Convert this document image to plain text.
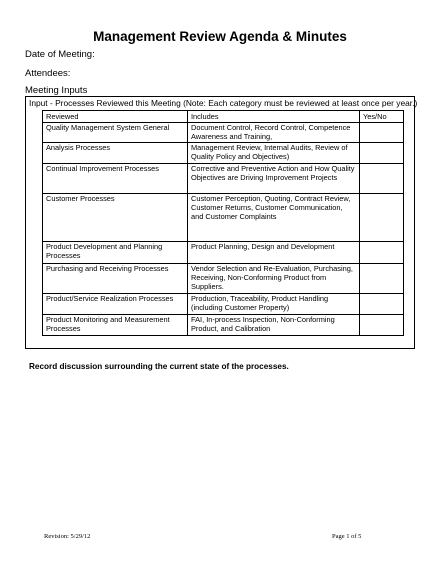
Management Review Agenda & Minutes
Date of Meeting:
Attendees:
Meeting Inputs
Input - Processes Reviewed this Meeting (Note: Each category must be reviewed at least once per year.)
Reviewed	Includes	Yes/No
Quality Management System General	Document Control, Record Control, Competence Awareness and Training,	
Analysis Processes	Management Review, Internal Audits, Review of Quality Policy and Objectives)	
Continual Improvement Processes	Corrective and Preventive Action and How Quality Objectives are Driving Improvement Projects	
Customer Processes	Customer Perception, Quoting, Contract Review, Customer Returns, Customer Communication, and Customer Complaints	
Product Development and Planning Processes	Product Planning, Design and Development	
Purchasing and Receiving Processes	Vendor Selection and Re-Evaluation, Purchasing, Receiving, Non-Conforming Product from Suppliers.	
Product/Service Realization Processes	Production, Traceability, Product Handling (including Customer Property)	
Product Monitoring and Measurement Processes	FAI, In-process Inspection, Non-Conforming Product, and Calibration	
Record discussion surrounding the current state of the processes.
Revision: 5/29/12	Page 1 of 5
